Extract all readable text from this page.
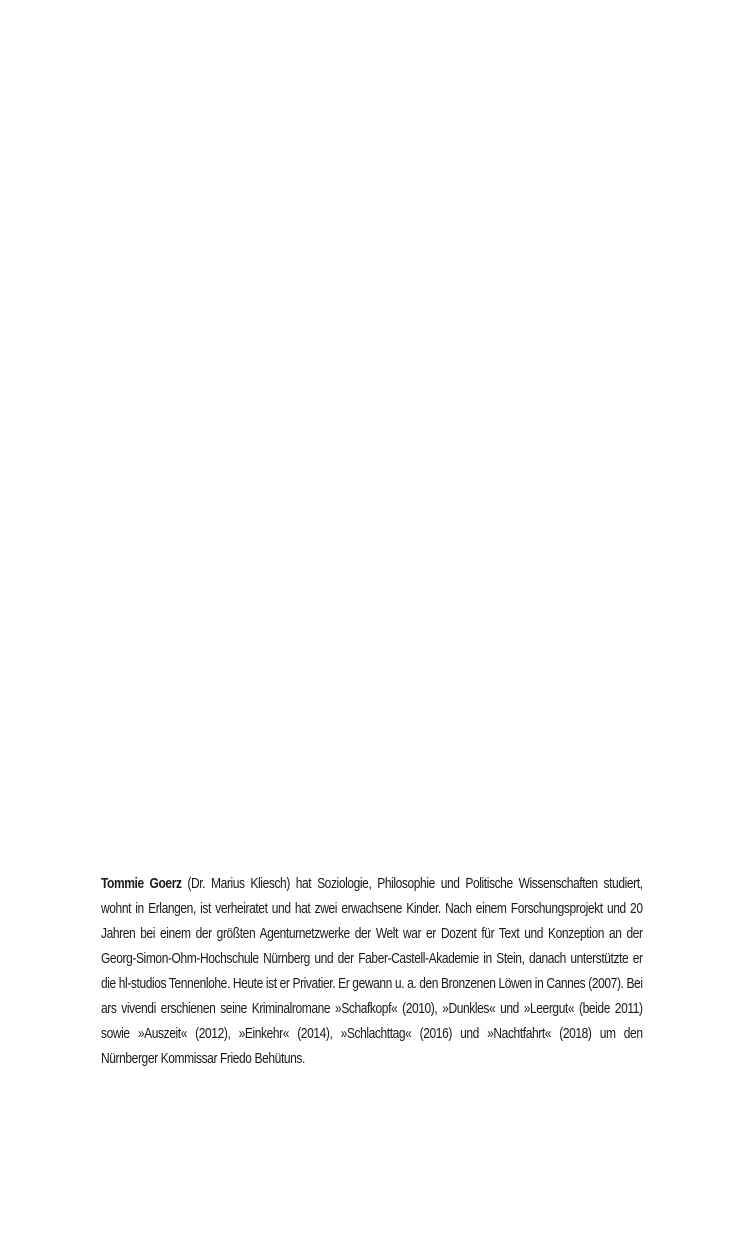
Tommie Goerz (Dr. Marius Kliesch) hat Soziologie, Philosophie und Politische Wissenschaften studiert, wohnt in Erlangen, ist verheiratet und hat zwei erwachsene Kinder. Nach einem Forschungsprojekt und 20 Jahren bei einem der größten Agenturnetzwerke der Welt war er Dozent für Text und Konzeption an der Georg-Simon-Ohm-Hochschule Nürnberg und der Faber-Castell-Akademie in Stein, danach unterstützte er die hl-studios Tennenlohe. Heute ist er Privatier. Er gewann u. a. den Bronzenen Löwen in Cannes (2007). Bei ars vivendi erschienen seine Kriminalromane »Schafkopf« (2010), »Dunkles« und »Leergut« (beide 2011) sowie »Auszeit« (2012), »Einkehr« (2014), »Schlachttag« (2016) und »Nachtfahrt« (2018) um den Nürnberger Kommissar Friedo Behütuns.
